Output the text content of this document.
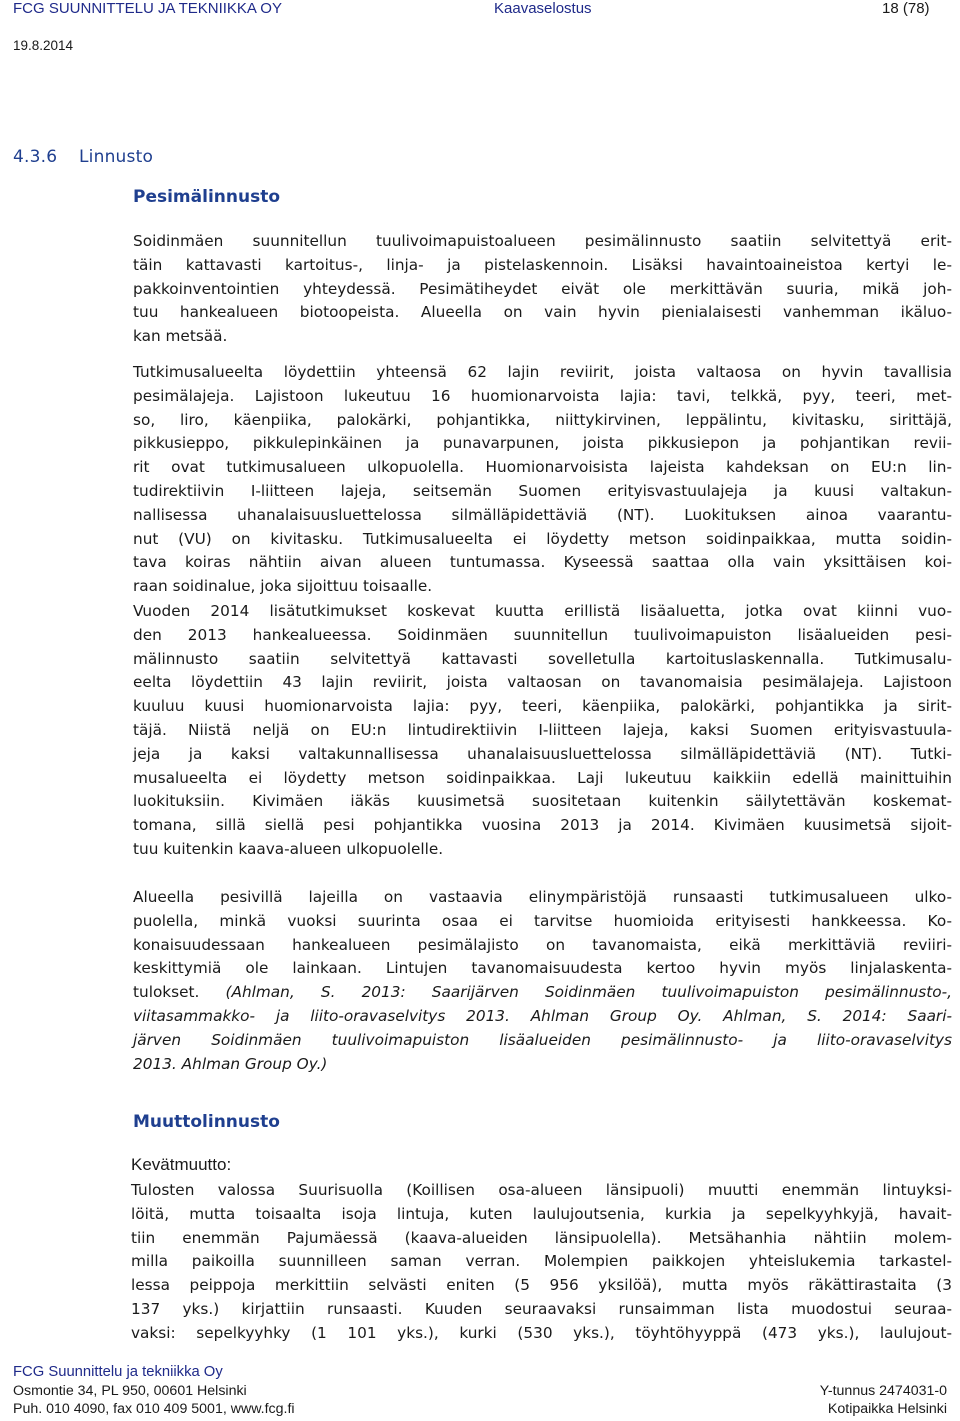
FCG SUUNNITTELU JA TEKNIIKKA OY	Kaavaselostus	18 (78)
19.8.2014
4.3.6 Linnusto
Pesimälinnusto
Soidinmäen suunnitellun tuulivoimapuistoalueen pesimälinnusto saatiin selvitettyä erit-
täin kattavasti kartoitus-, linja- ja pistelaskennoin. Lisäksi havaintoaineistoa kertyi le-
pakkoinventointien yhteydessä. Pesimätiheydet eivät ole merkittävän suuria, mikä joh-
tuu hankealueen biotoopeista. Alueella on vain hyvin pienialaisesti vanhemman ikäluo-
kan metsää.
Tutkimusalueelta löydettiin yhteensä 62 lajin reviirit, joista valtaosa on hyvin tavallisia
pesimälajeja. Lajistoon lukeutuu 16 huomionarvoista lajia: tavi, telkkä, pyy, teeri, met-
so, liro, käenpiika, palokärki, pohjantikka, niittykirvinen, leppälintu, kivitasku, sirittäjä,
pikkusieppo, pikkulepinkäinen ja punavarpunen, joista pikkusiepon ja pohjantikan revii-
rit ovat tutkimusalueen ulkopuolella. Huomionarvoisista lajeista kahdeksan on EU:n lin-
tudirektiivin I-liitteen lajeja, seitsemän Suomen erityisvastuulajeja ja kuusi valtakun-
nallisessa uhanalaisuusluettelossa silmälläpidettäviä (NT). Luokituksen ainoa vaarantu-
nut (VU) on kivitasku. Tutkimusalueelta ei löydetty metson soidinpaikkaa, mutta soidin-
tava koiras nähtiin aivan alueen tuntumassa. Kyseessä saattaa olla vain yksittäisen koi-
raan soidinalue, joka sijoittuu toisaalle.
Vuoden 2014 lisätutkimukset koskevat kuutta erillistä lisäaluetta, jotka ovat kiinni vuo-
den 2013 hankealueessa. Soidinmäen suunnitellun tuulivoimapuiston lisäalueiden pesi-
mälinnusto saatiin selvitettyä kattavasti sovelletulla kartoituslaskennalla. Tutkimusalu-
eelta löydettiin 43 lajin reviirit, joista valtaosan on tavanomaisia pesimälajeja. Lajistoon
kuuluu kuusi huomionarvoista lajia: pyy, teeri, käenpiika, palokärki, pohjantikka ja sirit-
täjä. Niistä neljä on EU:n lintudirektiivin I-liitteen lajeja, kaksi Suomen erityisvastuula-
jeja ja kaksi valtakunnallisessa uhanalaisuusluettelossa silmälläpidettäviä (NT). Tutki-
musalueelta ei löydetty metson soidinpaikkaa. Laji lukeutuu kaikkiin edellä mainittuihin
luokituksiin. Kivimäen iäkäs kuusimetsä suositetaan kuitenkin säilytettävän koskemat-
tomana, sillä siellä pesi pohjantikka vuosina 2013 ja 2014. Kivimäen kuusimetsä sijoit-
tuu kuitenkin kaava-alueen ulkopuolelle.
Alueella pesivillä lajeilla on vastaavia elinympäristöjä runsaasti tutkimusalueen ulko-
puolella, minkä vuoksi suurinta osaa ei tarvitse huomioida erityisesti hankkeessa. Ko-
konaisuudessaan hankealueen pesimälajisto on tavanomaista, eikä merkittäviä reviiri-
keskittymiä ole lainkaan. Lintujen tavanomaisuudesta kertoo hyvin myös linjalaskenta-
tulokset. (Ahlman, S. 2013: Saarijärven Soidinmäen tuulivoimapuiston pesimälinnusto-,
viitasammakko- ja liito-oravaselvitys 2013. Ahlman Group Oy. Ahlman, S. 2014: Saari-
järven Soidinmäen tuulivoimapuiston lisäalueiden pesimälinnusto- ja liito-oravaselvitys
2013. Ahlman Group Oy.)
Muuttolinnusto
Kevätmuutto:
Tulosten valossa Suurisuolla (Koillisen osa-alueen länsipuoli) muutti enemmän lintuyksi-
löitä, mutta toisaalta isoja lintuja, kuten laulujoutsenia, kurkia ja sepelkyyhkyjä, havait-
tiin enemmän Pajumäessä (kaava-alueiden länsipuolella). Metsähanhia nähtiin molem-
milla paikoilla suunnilleen saman verran. Molempien paikkojen yhteislukemia tarkastel-
lessa peippoja merkittiin selvästi eniten (5 956 yksilöä), mutta myös räkättirastaita (3
137 yks.) kirjattiin runsaasti. Kuuden seuraavaksi runsaimman lista muodostui seuraa-
vaksi: sepelkyyhky (1 101 yks.), kurki (530 yks.), töyhtöhyyppä (473 yks.), laulujout-
FCG Suunnittelu ja tekniikka Oy
Osmontie 34, PL 950, 00601 Helsinki
Puh. 010 4090, fax 010 409 5001, www.fcg.fi
Y-tunnus 2474031-0
Kotipaikka Helsinki
